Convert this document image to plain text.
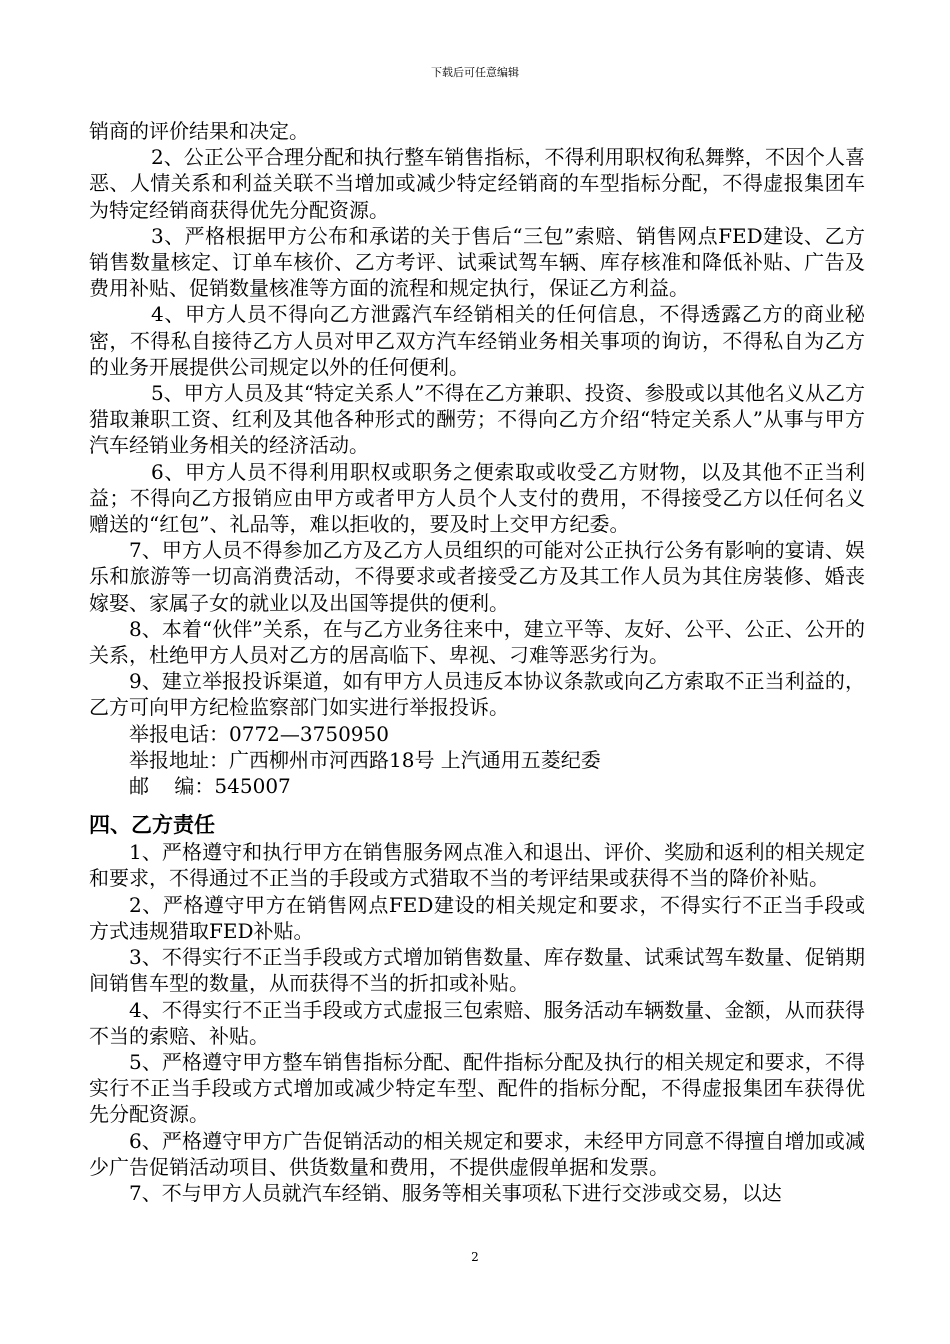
下载后可任意编辑

销商的评价结果和决定。

2、公正公平合理分配和执行整车销售指标，不得利用职权徇私舞弊，不因个人喜恶、人情关系和利益关联不当增加或减少特定经销商的车型指标分配，不得虚报集团车为特定经销商获得优先分配资源。

3、严格根据甲方公布和承诺的关于售后“三包”索赔、销售网点FED建设、乙方销售数量核定、订单车核价、乙方考评、试乘试驾车辆、库存核准和降低补贴、广告及费用补贴、促销数量核准等方面的流程和规定执行，保证乙方利益。

4、甲方人员不得向乙方泄露汽车经销相关的任何信息，不得透露乙方的商业秘密，不得私自接待乙方人员对甲乙双方汽车经销业务相关事项的询访，不得私自为乙方的业务开展提供公司规定以外的任何便利。

5、甲方人员及其“特定关系人”不得在乙方兼职、投资、参股或以其他名义从乙方猎取兼职工资、红利及其他各种形式的酬劳；不得向乙方介绍“特定关系人”从事与甲方汽车经销业务相关的经济活动。

6、甲方人员不得利用职权或职务之便索取或收受乙方财物，以及其他不正当利益；不得向乙方报销应由甲方或者甲方人员个人支付的费用，不得接受乙方以任何名义赠送的“红包”、礼品等，难以拒收的，要及时上交甲方纪委。

7、甲方人员不得参加乙方及乙方人员组织的可能对公正执行公务有影响的宴请、娱乐和旅游等一切高消费活动，不得要求或者接受乙方及其工作人员为其住房装修、婚丧嫁娶、家属子女的就业以及出国等提供的便利。

8、本着“伙伴”关系，在与乙方业务往来中，建立平等、友好、公平、公正、公开的关系，杜绝甲方人员对乙方的居高临下、卑视、刁难等恶劣行为。

9、建立举报投诉渠道，如有甲方人员违反本协议条款或向乙方索取不正当利益的，乙方可向甲方纪检监察部门如实进行举报投诉。

举报电话：0772—3750950

举报地址：广西柳州市河西路18号 上汽通用五菱纪委

邮    编：545007

四、乙方责任

1、严格遵守和执行甲方在销售服务网点准入和退出、评价、奖励和返利的相关规定和要求，不得通过不正当的手段或方式猎取不当的考评结果或获得不当的降价补贴。

2、严格遵守甲方在销售网点FED建设的相关规定和要求，不得实行不正当手段或方式违规猎取FED补贴。

3、不得实行不正当手段或方式增加销售数量、库存数量、试乘试驾车数量、促销期间销售车型的数量，从而获得不当的折扣或补贴。

4、不得实行不正当手段或方式虚报三包索赔、服务活动车辆数量、金额，从而获得不当的索赔、补贴。

5、严格遵守甲方整车销售指标分配、配件指标分配及执行的相关规定和要求，不得实行不正当手段或方式增加或减少特定车型、配件的指标分配，不得虚报集团车获得优先分配资源。

6、严格遵守甲方广告促销活动的相关规定和要求，未经甲方同意不得擅自增加或减少广告促销活动项目、供货数量和费用，不提供虚假单据和发票。

7、不与甲方人员就汽车经销、服务等相关事项私下进行交涉或交易，以达

2
